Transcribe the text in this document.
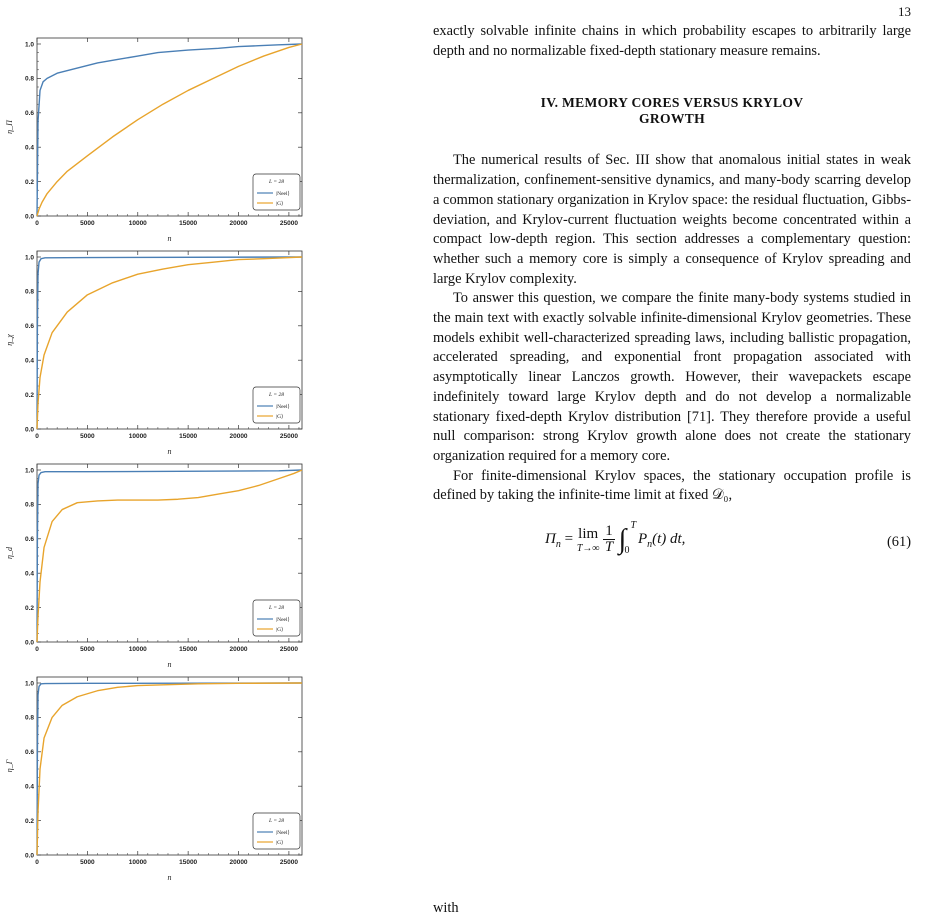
13
0	5000	10000	15000	20000	25000
0.0
0.2
0.4
0.6
0.8
1.0
n
η_Π
L = 28
|Neel⟩
|G⟩
0	5000	10000	15000	20000	25000
0.0
0.2
0.4
0.6
0.8
1.0
n
η_χ
L = 28
|Neel⟩
|G⟩
0	5000	10000	15000	20000	25000
0.0
0.2
0.4
0.6
0.8
1.0
n
η_d
L = 28
|Neel⟩
|G⟩
0	5000	10000	15000	20000	25000
0.0
0.2
0.4
0.6
0.8
1.0
n
η_Γ
L = 28
|Neel⟩
|G⟩

exactly solvable infinite chains in which probability escapes to arbitrarily large depth and no normalizable fixed-depth stationary measure remains.

IV. MEMORY CORES VERSUS KRYLOV
GROWTH

The numerical results of Sec. III show that anomalous initial states in weak thermalization, confinement-sensitive dynamics, and many-body scarring develop a common stationary organization in Krylov space: the residual fluctuation, Gibbs-deviation, and Krylov-current fluctuation weights become concentrated within a compact low-depth region. This section addresses a complementary question: whether such a memory core is simply a consequence of Krylov spreading and large Krylov complexity.

To answer this question, we compare the finite many-body systems studied in the main text with exactly solvable infinite-dimensional Krylov geometries. These models exhibit well-characterized spreading laws, including ballistic propagation, accelerated spreading, and exponential front propagation associated with asymptotically linear Lanczos growth. However, their wavepackets escape indefinitely toward large Krylov depth and do not develop a normalizable stationary fixed-depth Krylov distribution [71]. They therefore provide a useful null comparison: strong Krylov growth alone does not create the stationary organization required for a memory core.

For finite-dimensional Krylov spaces, the stationary occupation profile is defined by taking the infinite-time limit at fixed 𝒟₀,

$\Pi_n = \lim$
T→∞
$\frac{1}{T}$ ∫ T
0
$P_n(t)$ dt,	(61)
with
